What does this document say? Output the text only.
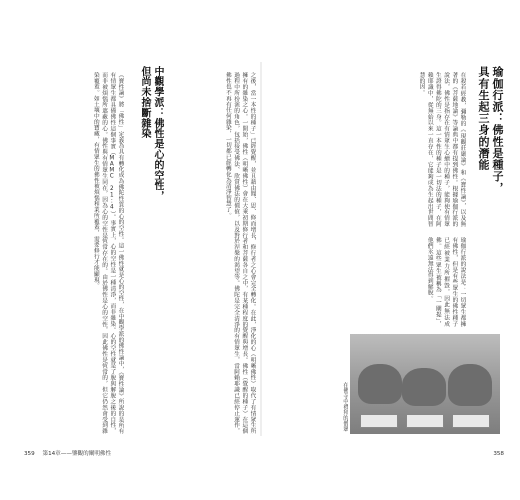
之後，當一本性的種子」已經覺醒，並且藉由聞、思、修而增長，修行者之心會完全轉化。在此，淨化的心（明晰佛性）取代了有情眾生所擁有的雜染之心。一開始，佛性（明晰佛性）會在大乘初期修行者和菩薩各自之中，有某種程度的覺醒與增長。佛性（覺醒的種子）在這個過程中所扮演的角色，包括接受佛法、欣賞佛法的價值，以及對於涅槃的渴望等。佛陀是完全清淨的有情眾生，當阿賴耶識已經停止運作，佛性也不再有任何雜染，一切都已經轉化為清淨智慧了。
中觀學派：佛性是心的空性，
但尚未捨斷雜染
《寶性論》將「佛性」定義為具有轉化成為佛陀性質的心的空性。這一佛性就是心的空性，在中觀學派的佛性論中，《寶性論》所說的是所有有情眾生都具備佛性這個事實（MAMC 21:4）。事實上，心的空性是一種清淨，而非雜染。心的空性就是了脫與解脫之後的自性，而非被煩惱所遮蔽的心。佛性與有情眾生同在，因為心的空性是恆常存在的。由於佛性是心的空性，因此佛性是恆常的，但它仍然會受到雜染覆蓋。如土壤中的寶藏，有情眾生的佛性被煩惱和業所覆蓋，需要修行才能顯現。	瑜伽行派：佛性是種子，
具有生起三身的潛能
在殺若經教，彌勒的《現觀莊嚴論》和《寶性論》，以及無著的《菩薩地論》等論典中都有提到佛性。根據瑜伽行派的說法，佛性是指存在有情眾生心續中的種子，能夠使有情眾生證得佛陀的三身。這一本性的種子是一切法的種子，在阿賴耶識中，從無始以來一直存在，它能夠成為生起出世間智慧的因。
瑜伽行派的說法是：一切眾生都擁有佛性，但是有些眾生的佛性種子已經被業力所摧毀，因此無法成佛。這些眾生被稱為「一闡提」，他們永遠無法得到解脫。
在佛寺中禮拜的僧眾
359 第14章——鑒觀的闡明佛性	358
